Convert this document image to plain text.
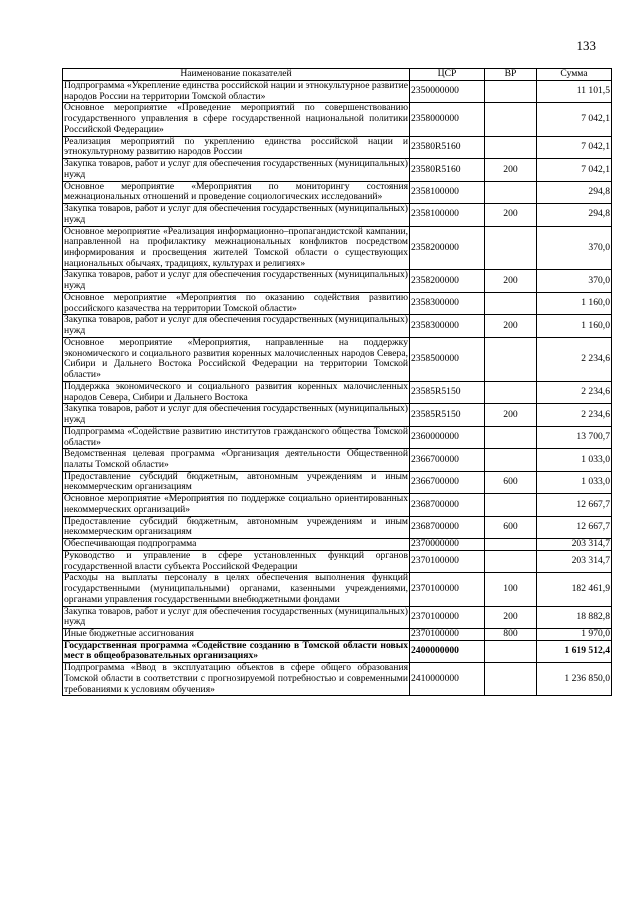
133
Наименование показателей	ЦСР	ВР	Сумма
Подпрограмма «Укрепление единства российской нации и этнокультурное развитие народов России на территории Томской области»	2350000000		11 101,5
Основное мероприятие «Проведение мероприятий по совершенствованию государственного управления в сфере государственной национальной политики Российской Федерации»	2358000000		7 042,1
Реализация мероприятий по укреплению единства российской нации и этнокультурному развитию народов России	23580R5160		7 042,1
Закупка товаров, работ и услуг для обеспечения государственных (муниципальных) нужд	23580R5160	200	7 042,1
Основное мероприятие «Мероприятия по мониторингу состояния межнациональных отношений и проведение социологических исследований»	2358100000		294,8
Закупка товаров, работ и услуг для обеспечения государственных (муниципальных) нужд	2358100000	200	294,8
Основное мероприятие «Реализация информационно–пропагандистской кампании, направленной на профилактику межнациональных конфликтов посредством информирования и просвещения жителей Томской области о существующих национальных обычаях, традициях, культурах и религиях»	2358200000		370,0
Закупка товаров, работ и услуг для обеспечения государственных (муниципальных) нужд	2358200000	200	370,0
Основное мероприятие «Мероприятия по оказанию содействия развитию российского казачества на территории Томской области»	2358300000		1 160,0
Закупка товаров, работ и услуг для обеспечения государственных (муниципальных) нужд	2358300000	200	1 160,0
Основное мероприятие «Мероприятия, направленные на поддержку экономического и социального развития коренных малочисленных народов Севера, Сибири и Дальнего Востока Российской Федерации на территории Томской области»	2358500000		2 234,6
Поддержка экономического и социального развития коренных малочисленных народов Севера, Сибири и Дальнего Востока	23585R5150		2 234,6
Закупка товаров, работ и услуг для обеспечения государственных (муниципальных) нужд	23585R5150	200	2 234,6
Подпрограмма «Содействие развитию институтов гражданского общества Томской области»	2360000000		13 700,7
Ведомственная целевая программа «Организация деятельности Общественной палаты Томской области»	2366700000		1 033,0
Предоставление субсидий бюджетным, автономным учреждениям и иным некоммерческим организациям	2366700000	600	1 033,0
Основное мероприятие «Мероприятия по поддержке социально ориентированных некоммерческих организаций»	2368700000		12 667,7
Предоставление субсидий бюджетным, автономным учреждениям и иным некоммерческим организациям	2368700000	600	12 667,7
Обеспечивающая подпрограмма	2370000000		203 314,7
Руководство и управление в сфере установленных функций органов государственной власти субъекта Российской Федерации	2370100000		203 314,7
Расходы на выплаты персоналу в целях обеспечения выполнения функций государственными (муниципальными) органами, казенными учреждениями, органами управления государственными внебюджетными фондами	2370100000	100	182 461,9
Закупка товаров, работ и услуг для обеспечения государственных (муниципальных) нужд	2370100000	200	18 882,8
Иные бюджетные ассигнования	2370100000	800	1 970,0
Государственная программа «Содействие созданию в Томской области новых мест в общеобразовательных организациях»	2400000000		1 619 512,4
Подпрограмма «Ввод в эксплуатацию объектов в сфере общего образования Томской области в соответствии с прогнозируемой потребностью и современными требованиями к условиям обучения»	2410000000		1 236 850,0
